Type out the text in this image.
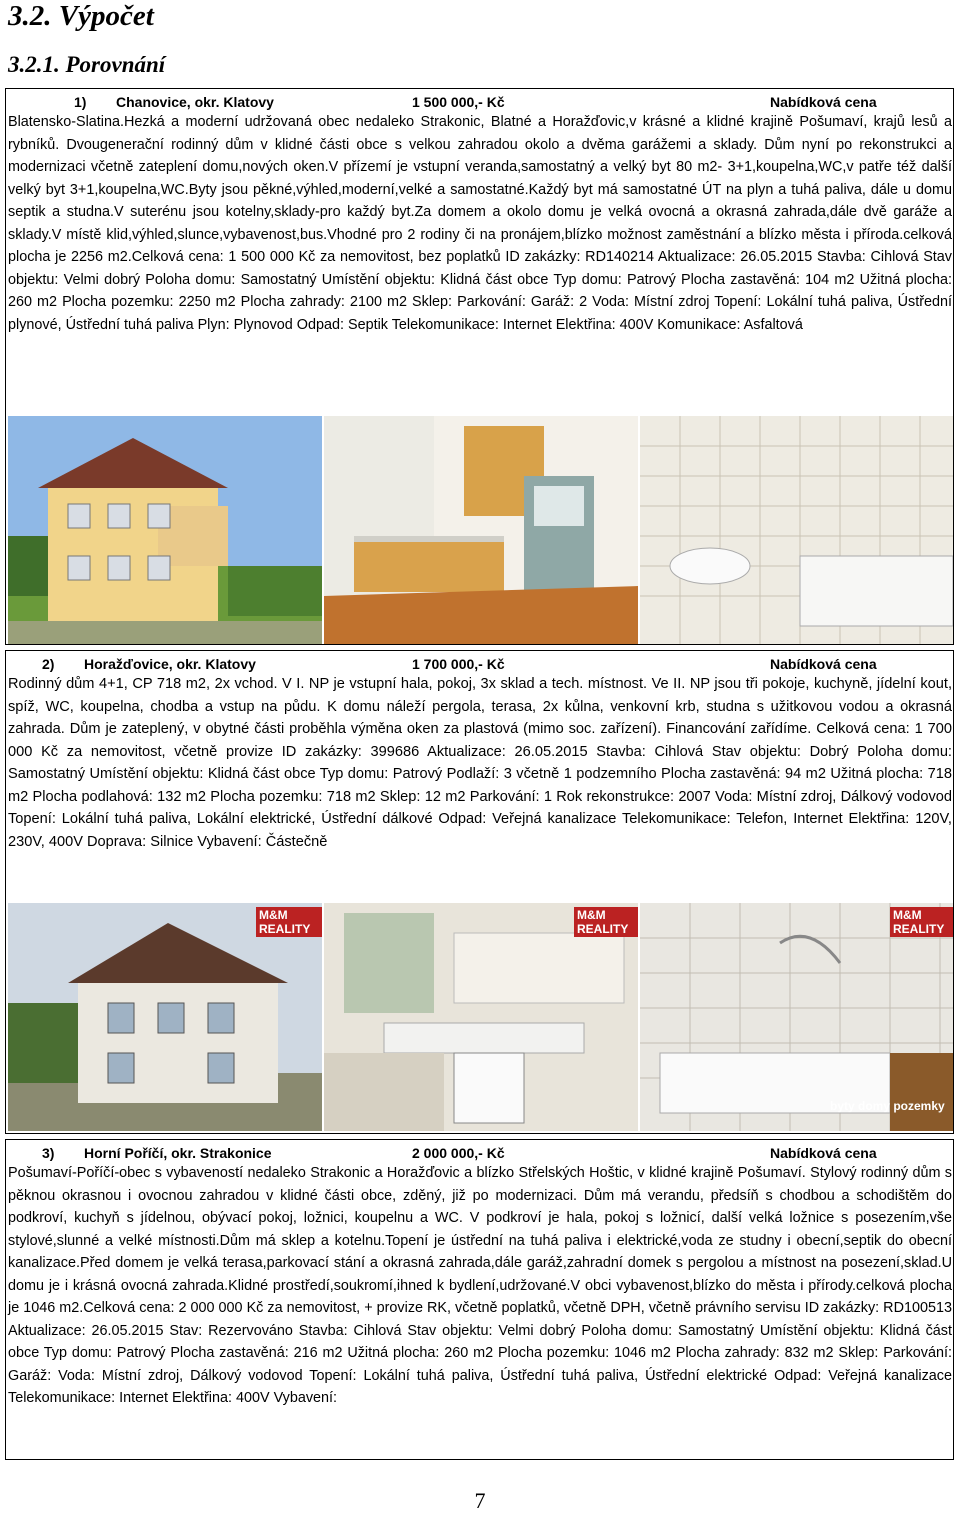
3.2. Výpočet
3.2.1. Porovnání
1) Chanovice, okr. Klatovy	1 500 000,- Kč	Nabídková cena
Blatensko-Slatina.Hezká a moderní udržovaná obec nedaleko Strakonic, Blatné a Horažďovic,v krásné a klidné krajině Pošumaví, krajů lesů a rybníků. Dvougenerační rodinný dům v klidné části obce s velkou zahradou okolo a dvěma garážemi a sklady. Dům nyní po rekonstrukci a modernizaci včetně zateplení domu,nových oken.V přízemí je vstupní veranda,samostatný a velký byt 80 m2- 3+1,koupelna,WC,v patře též další velký byt 3+1,koupelna,WC.Byty jsou pěkné,výhled,moderní,velké a samostatné.Každý byt má samostatné ÚT na plyn a tuhá paliva, dále u domu septik a studna.V suterénu jsou kotelny,sklady-pro každý byt.Za domem a okolo domu je velká ovocná a okrasná zahrada,dále dvě garáže a sklady.V místě klid,výhled,slunce,vybavenost,bus.Vhodné pro 2 rodiny či na pronájem,blízko možnost zaměstnání a blízko města i příroda.celková plocha je 2256 m2.Celková cena: 1 500 000 Kč za nemovitost, bez poplatků ID zakázky: RD140214 Aktualizace: 26.05.2015 Stavba: Cihlová Stav objektu: Velmi dobrý Poloha domu: Samostatný Umístění objektu: Klidná část obce Typ domu: Patrový Plocha zastavěná: 104 m2 Užitná plocha: 260 m2 Plocha pozemku: 2250 m2 Plocha zahrady: 2100 m2 Sklep: Parkování: Garáž: 2 Voda: Místní zdroj Topení: Lokální tuhá paliva, Ústřední plynové, Ústřední tuhá paliva Plyn: Plynovod Odpad: Septik Telekomunikace: Internet Elektřina: 400V Komunikace: Asfaltová
2) Horažďovice, okr. Klatovy	1 700 000,- Kč	Nabídková cena
Rodinný dům 4+1, CP 718 m2, 2x vchod. V I. NP je vstupní hala, pokoj, 3x sklad a tech. místnost. Ve II. NP jsou tři pokoje, kuchyně, jídelní kout, spíž, WC, koupelna, chodba a vstup na půdu. K domu náleží pergola, terasa, 2x kůlna, venkovní krb, studna s užitkovou vodou a okrasná zahrada. Dům je zateplený, v obytné části proběhla výměna oken za plastová (mimo soc. zařízení). Financování zařídíme. Celková cena: 1 700 000 Kč za nemovitost, včetně provize ID zakázky: 399686 Aktualizace: 26.05.2015 Stavba: Cihlová Stav objektu: Dobrý Poloha domu: Samostatný Umístění objektu: Klidná část obce Typ domu: Patrový Podlaží: 3 včetně 1 podzemního Plocha zastavěná: 94 m2 Užitná plocha: 718 m2 Plocha podlahová: 132 m2 Plocha pozemku: 718 m2 Sklep: 12 m2 Parkování: 1 Rok rekonstrukce: 2007 Voda: Místní zdroj, Dálkový vodovod Topení: Lokální tuhá paliva, Lokální elektrické, Ústřední dálkové Odpad: Veřejná kanalizace Telekomunikace: Telefon, Internet Elektřina: 120V, 230V, 400V Doprava: Silnice Vybavení: Částečně
M&M REALITY
M&M REALITY
M&M REALITY
byty domy pozemky
3) Horní Poříčí, okr. Strakonice	2 000 000,- Kč	Nabídková cena
Pošumaví-Poříčí-obec s vybaveností nedaleko Strakonic a Horažďovic a blízko Střelských Hoštic, v klidné krajině Pošumaví. Stylový rodinný dům s pěknou okrasnou i ovocnou zahradou v klidné části obce, zděný, již po modernizaci. Dům má verandu, předsíň s chodbou a schodištěm do podkroví, kuchyň s jídelnou, obývací pokoj, ložnici, koupelnu a WC. V podkroví je hala, pokoj s ložnicí, další velká ložnice s posezením,vše stylové,slunné a velké místnosti.Dům má sklep a kotelnu.Topení je ústřední na tuhá paliva i elektrické,voda ze studny i obecní,septik do obecní kanalizace.Před domem je velká terasa,parkovací stání a okrasná zahrada,dále garáž,zahradní domek s pergolou a místnost na posezení,sklad.U domu je i krásná ovocná zahrada.Klidné prostředí,soukromí,ihned k bydlení,udržované.V obci vybavenost,blízko do města i přírody.celková plocha je 1046 m2.Celková cena: 2 000 000 Kč za nemovitost, + provize RK, včetně poplatků, včetně DPH, včetně právního servisu ID zakázky: RD100513 Aktualizace: 26.05.2015 Stav: Rezervováno Stavba: Cihlová Stav objektu: Velmi dobrý Poloha domu: Samostatný Umístění objektu: Klidná část obce Typ domu: Patrový Plocha zastavěná: 216 m2 Užitná plocha: 260 m2 Plocha pozemku: 1046 m2 Plocha zahrady: 832 m2 Sklep: Parkování: Garáž: Voda: Místní zdroj, Dálkový vodovod Topení: Lokální tuhá paliva, Ústřední tuhá paliva, Ústřední elektrické Odpad: Veřejná kanalizace Telekomunikace: Internet Elektřina: 400V Vybavení:
7
